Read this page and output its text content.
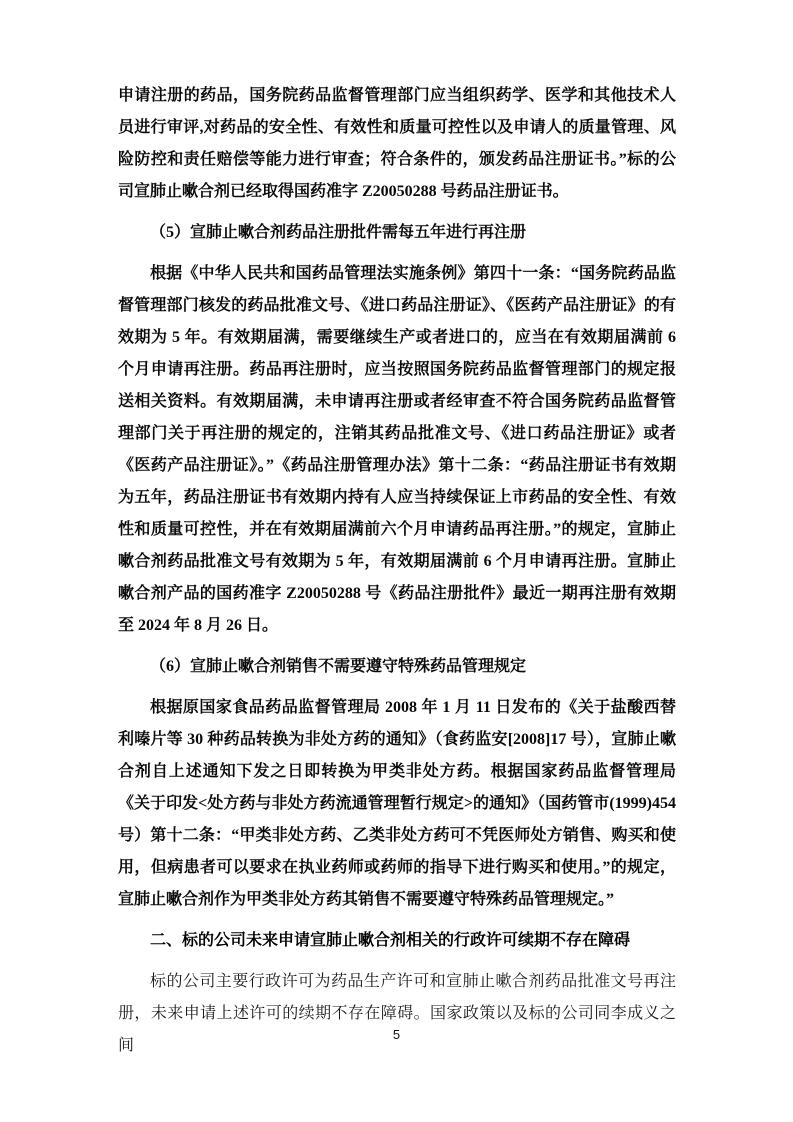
申请注册的药品，国务院药品监督管理部门应当组织药学、医学和其他技术人员进行审评,对药品的安全性、有效性和质量可控性以及申请人的质量管理、风险防控和责任赔偿等能力进行审查；符合条件的，颁发药品注册证书。”标的公司宣肺止嗽合剂已经取得国药准字 Z20050288 号药品注册证书。

（5）宣肺止嗽合剂药品注册批件需每五年进行再注册

根据《中华人民共和国药品管理法实施条例》第四十一条：“国务院药品监督管理部门核发的药品批准文号、《进口药品注册证》、《医药产品注册证》的有效期为 5 年。有效期届满，需要继续生产或者进口的，应当在有效期届满前 6 个月申请再注册。药品再注册时，应当按照国务院药品监督管理部门的规定报送相关资料。有效期届满，未申请再注册或者经审查不符合国务院药品监督管理部门关于再注册的规定的，注销其药品批准文号、《进口药品注册证》或者《医药产品注册证》。”《药品注册管理办法》第十二条：“药品注册证书有效期为五年，药品注册证书有效期内持有人应当持续保证上市药品的安全性、有效性和质量可控性，并在有效期届满前六个月申请药品再注册。”的规定，宣肺止嗽合剂药品批准文号有效期为 5 年，有效期届满前 6 个月申请再注册。宣肺止嗽合剂产品的国药准字 Z20050288 号《药品注册批件》最近一期再注册有效期至 2024 年 8 月 26 日。

（6）宣肺止嗽合剂销售不需要遵守特殊药品管理规定

根据原国家食品药品监督管理局 2008 年 1 月 11 日发布的《关于盐酸西替利嗪片等 30 种药品转换为非处方药的通知》（食药监安[2008]17 号），宣肺止嗽合剂自上述通知下发之日即转换为甲类非处方药。根据国家药品监督管理局《关于印发<处方药与非处方药流通管理暂行规定>的通知》（国药管市(1999)454 号）第十二条：“甲类非处方药、乙类非处方药可不凭医师处方销售、购买和使用，但病患者可以要求在执业药师或药师的指导下进行购买和使用。”的规定，宣肺止嗽合剂作为甲类非处方药其销售不需要遵守特殊药品管理规定。”

二、标的公司未来申请宣肺止嗽合剂相关的行政许可续期不存在障碍

标的公司主要行政许可为药品生产许可和宣肺止嗽合剂药品批准文号再注册，未来申请上述许可的续期不存在障碍。国家政策以及标的公司同李成义之间

5
